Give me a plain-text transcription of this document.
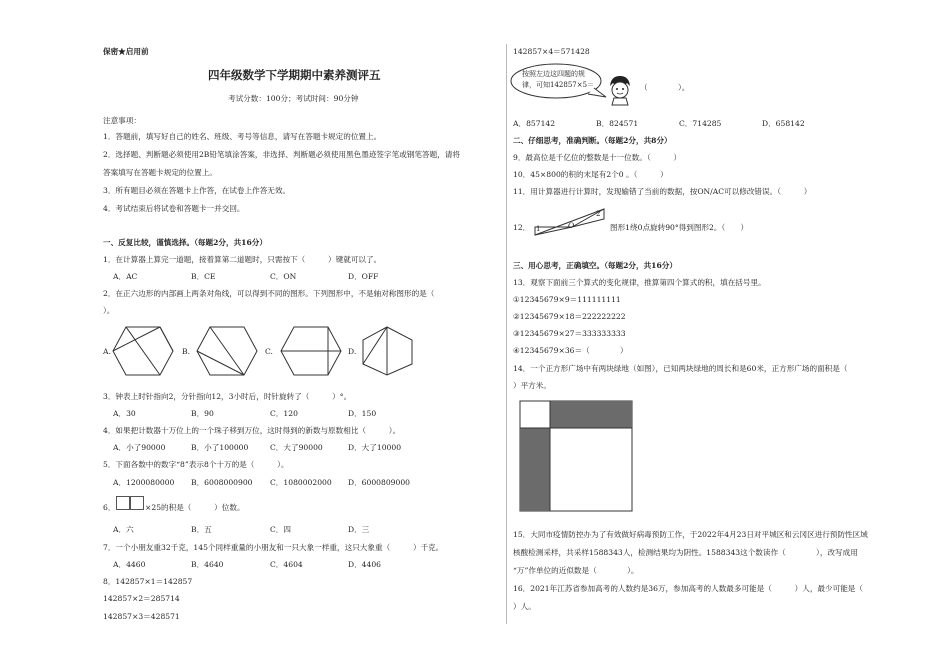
保密★启用前
四年级数学下学期期中素养测评五
考试分数：100分；考试时间：90分钟
注意事项：
1．答题前，填写好自己的姓名、班级、考号等信息，请写在答题卡规定的位置上。
2．选择题、判断题必须使用2B铅笔填涂答案，非选择、判断题必须使用黑色墨迹签字笔或钢笔答题，请将
答案填写在答题卡规定的位置上。
3．所有题目必须在答题卡上作答，在试卷上作答无效。
4．考试结束后将试卷和答题卡一并交回。
一、反复比较，谨慎选择。（每题2分，共16分）
1．在计算器上算完一道题，接着算第二道题时，只需按下（　　　）键就可以了。
A．AC	B．CE	C．ON	D．OFF
2．在正六边形的内部画上两条对角线，可以得到不同的图形。下列图形中，不是轴对称图形的是（
）。
A.	B.	C.	D.
3．钟表上时针指向2，分针指向12，3小时后，时针旋转了（　　　）°。
A．30	B．90	C．120	D．150
4．如果把计数器十万位上的一个珠子移到万位，这时得到的新数与原数相比（　　　）。
A．小了90000	B．小了100000	C．大了90000	D．大了10000
5．下面各数中的数字“8”表示8个十万的是（　　　）。
A．1200080000 B．6008000900 C．1080002000 D．6000809000
6．	×25的积是（　　　）位数。
A．六	B．五	C．四	D．三
7．一个小朋友重32千克，145个同样重量的小朋友和一只大象一样重，这只大象重（　　　）千克。
A．4460	B．4640	C．4604	D．4406
8．142857×1＝142857
142857×2＝285714
142857×3＝428571
142857×4＝571428
按照左边这四题的规
律，可知142857×5＝	（　　　　）。
A．857142	B．824571	C．714285	D．658142
二、仔细思考，准确判断。（每题2分，共8分）
9．最高位是千亿位的整数是十一位数。（　　　）
10．45×800的积的末尾有2个0 。（　　　）
11．用计算器进行计算时，发现输错了当前的数据，按ON/AC可以修改错误。（　　　）
12． 1	O
2
图形1绕0点旋转90°得到图形2。（　　）
三、用心思考，正确填空。（每题2分，共16分）
13．观察下面前三个算式的变化规律，推算第四个算式的积，填在括号里。
①12345679×9＝111111111
②12345679×18＝222222222
③12345679×27＝333333333
④12345679×36＝（　　　　）
14．一个正方形广场中有两块绿地（如图），已知两块绿地的周长和是60米，正方形广场的面积是（
）平方米。
15．大同市疫情防控办为了有效做好病毒预防工作，于2022年4月23日对平城区和云冈区进行预防性区域
核酸检测采样，共采样1588343人，检测结果均为阴性。1588343这个数读作（　　　　），改写成用
“万”作单位的近似数是（　　　　）。
16．2021年江苏省参加高考的人数约是36万，参加高考的人数最多可能是（　　　）人，最少可能是（
）人。
